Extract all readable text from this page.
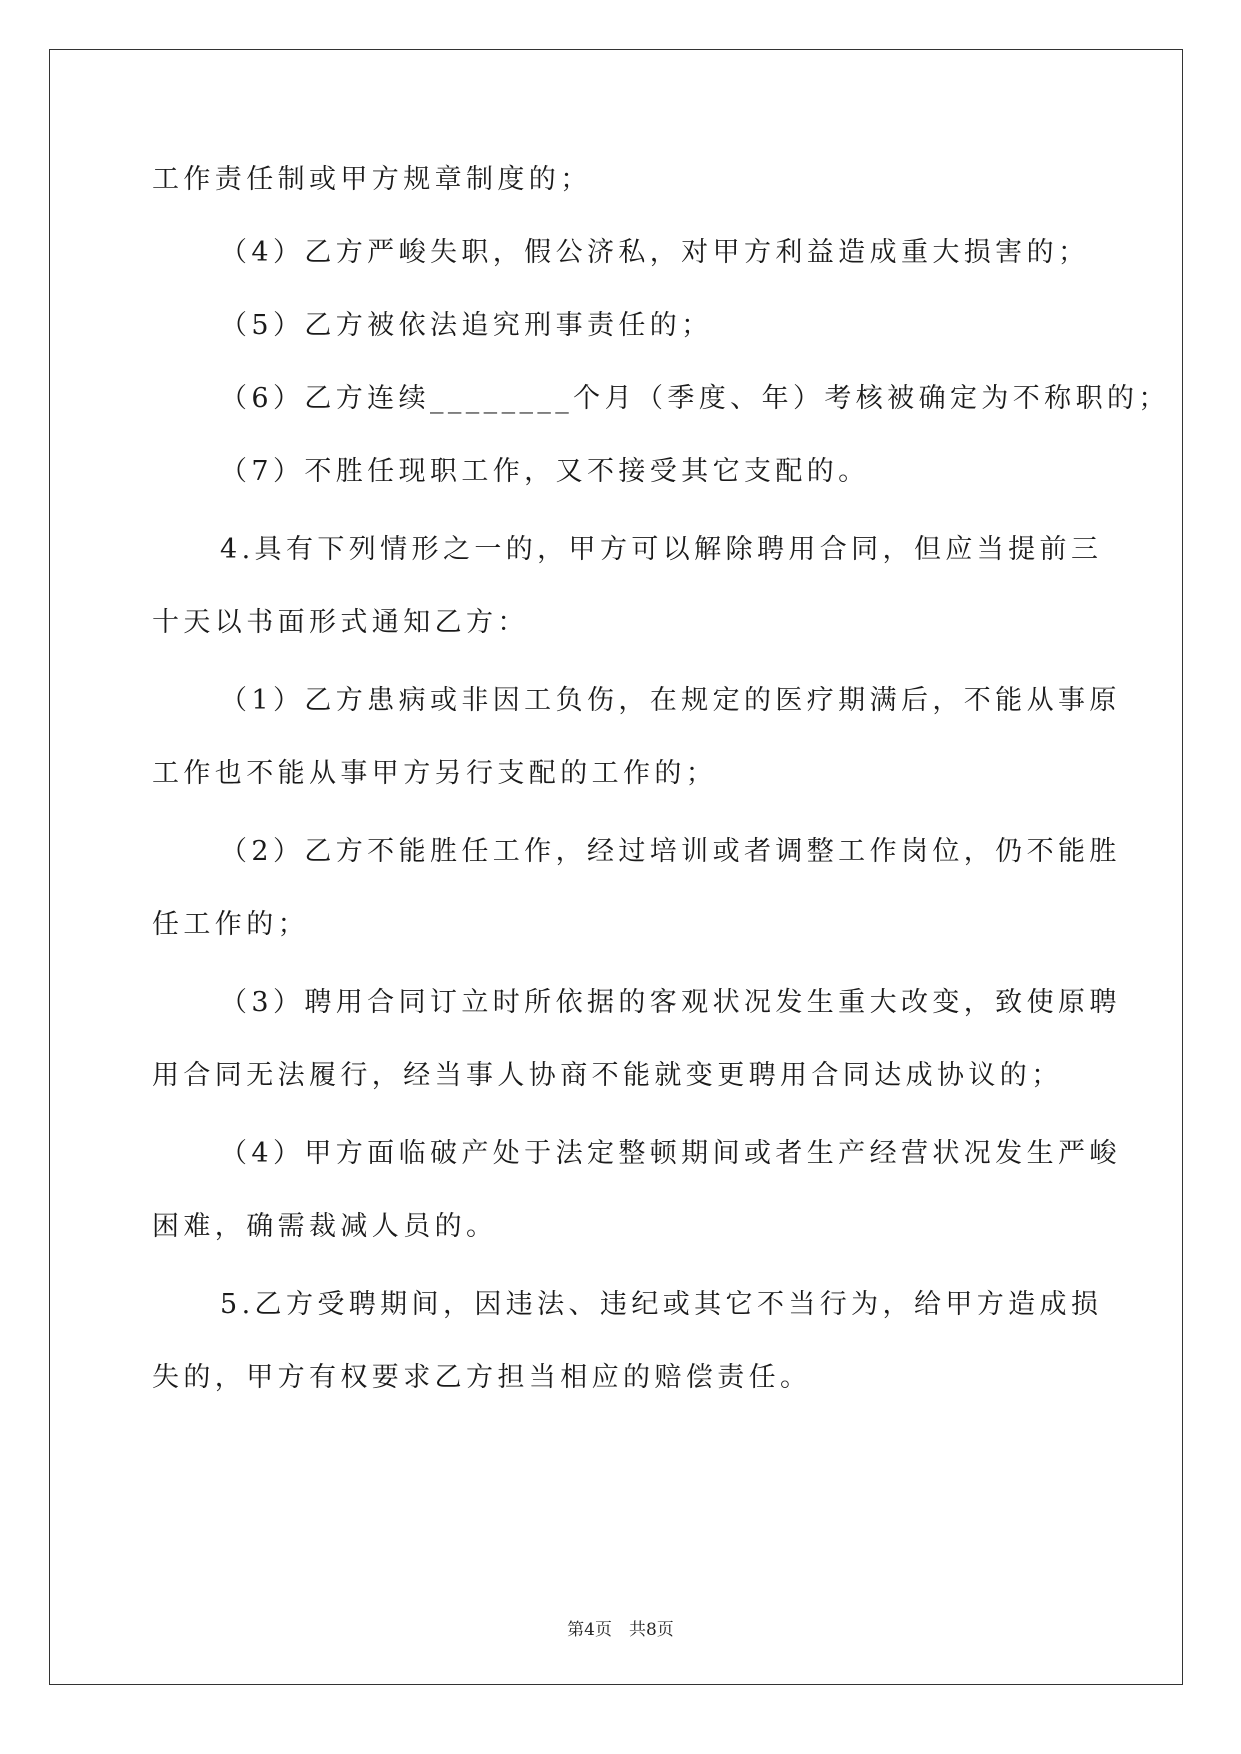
工作责任制或甲方规章制度的；
（4）乙方严峻失职，假公济私，对甲方利益造成重大损害的；
（5）乙方被依法追究刑事责任的；
（6）乙方连续________个月（季度、年）考核被确定为不称职的；
（7）不胜任现职工作，又不接受其它支配的。
4.具有下列情形之一的，甲方可以解除聘用合同，但应当提前三
十天以书面形式通知乙方：
（1）乙方患病或非因工负伤，在规定的医疗期满后，不能从事原
工作也不能从事甲方另行支配的工作的；
（2）乙方不能胜任工作，经过培训或者调整工作岗位，仍不能胜
任工作的；
（3）聘用合同订立时所依据的客观状况发生重大改变，致使原聘
用合同无法履行，经当事人协商不能就变更聘用合同达成协议的；
（4）甲方面临破产处于法定整顿期间或者生产经营状况发生严峻
困难，确需裁减人员的。
5.乙方受聘期间，因违法、违纪或其它不当行为，给甲方造成损
失的，甲方有权要求乙方担当相应的赔偿责任。
第4页　共8页
